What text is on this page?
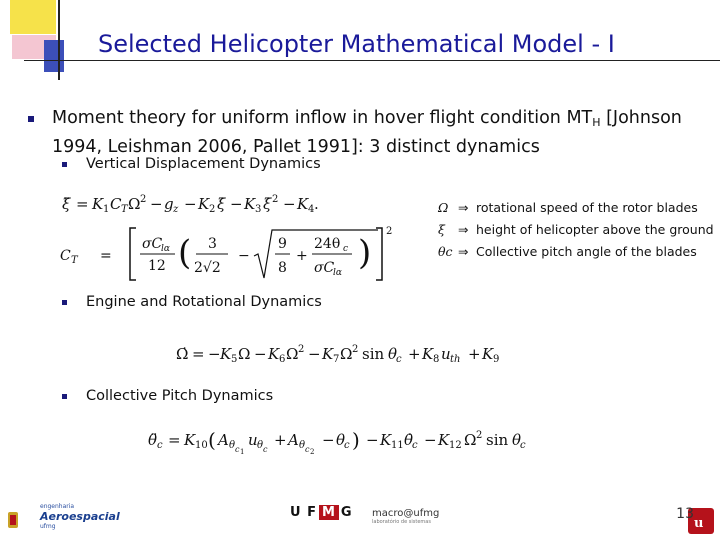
Selected Helicopter Mathematical Model - I
Moment theory for uniform inflow in hover flight condition $MT_H$ [Johnson 1994, Leishman 2006, Pallet 1991]: 3 distinct dynamics
Vertical Displacement Dynamics
ξ̈ = K 1 C T Ω 2 − g z − K 2 ξ̇ − K 3 ξ̇ 2 − K 4 .
C T =
σC
lα
12 ( 3
2√2
−
9
8
+
24θ c
σC
lα )
2
Ω ⇒ rotational speed of the rotor blades
ξ ⇒ height of helicopter above the ground
θc ⇒ Collective pitch angle of the blades
Engine and Rotational Dynamics
Ω̇ = − K 5 Ω − K 6 Ω 2 − K 7 Ω 2 sin θ
c + K 8 u th + K 9
Collective Pitch Dynamics
θ̈ c = K 10 ( A θ c 1
u θ c
+ A θ c 2
− θ
c ) − K 11 θ̇
c − K 12 Ω 2 sin θ
c
engenharia
Aeroespacial
ufmg
U F M G macro@ufmg
laboratório de sistemas	u
13
